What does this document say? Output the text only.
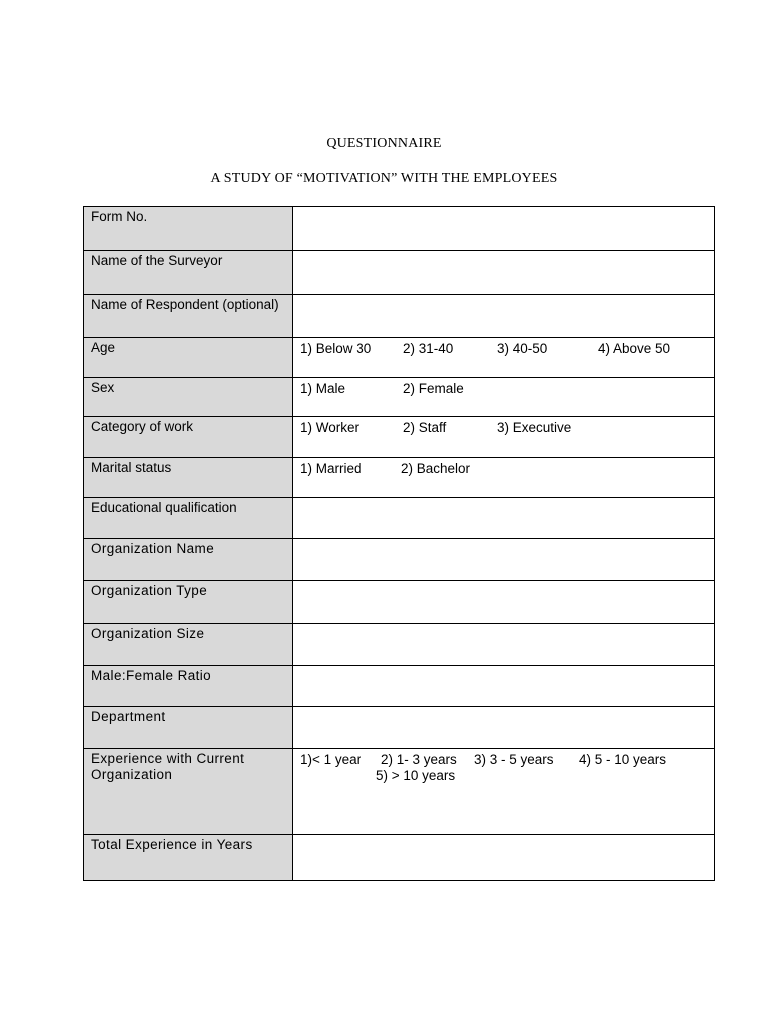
QUESTIONNAIRE
A STUDY OF “MOTIVATION” WITH THE EMPLOYEES
Form No.	
Name of the Surveyor	
Name of Respondent (optional)	
Age	1) Below 30 2) 31-40 3) 40-50 4) Above 50

Sex	1) Male 2) Female

Category of work	1) Worker 2) Staff 3) Executive

Marital status	1) Married 2) Bachelor

Educational qualification	
Organization Name	
Organization Type	
Organization Size	
Male:Female Ratio	
Department	
Experience with Current Organization	1)< 1 year 2) 1- 3 years 3) 3 - 5 years 4) 5 - 10 years
5) > 10 years

Total Experience in Years	
